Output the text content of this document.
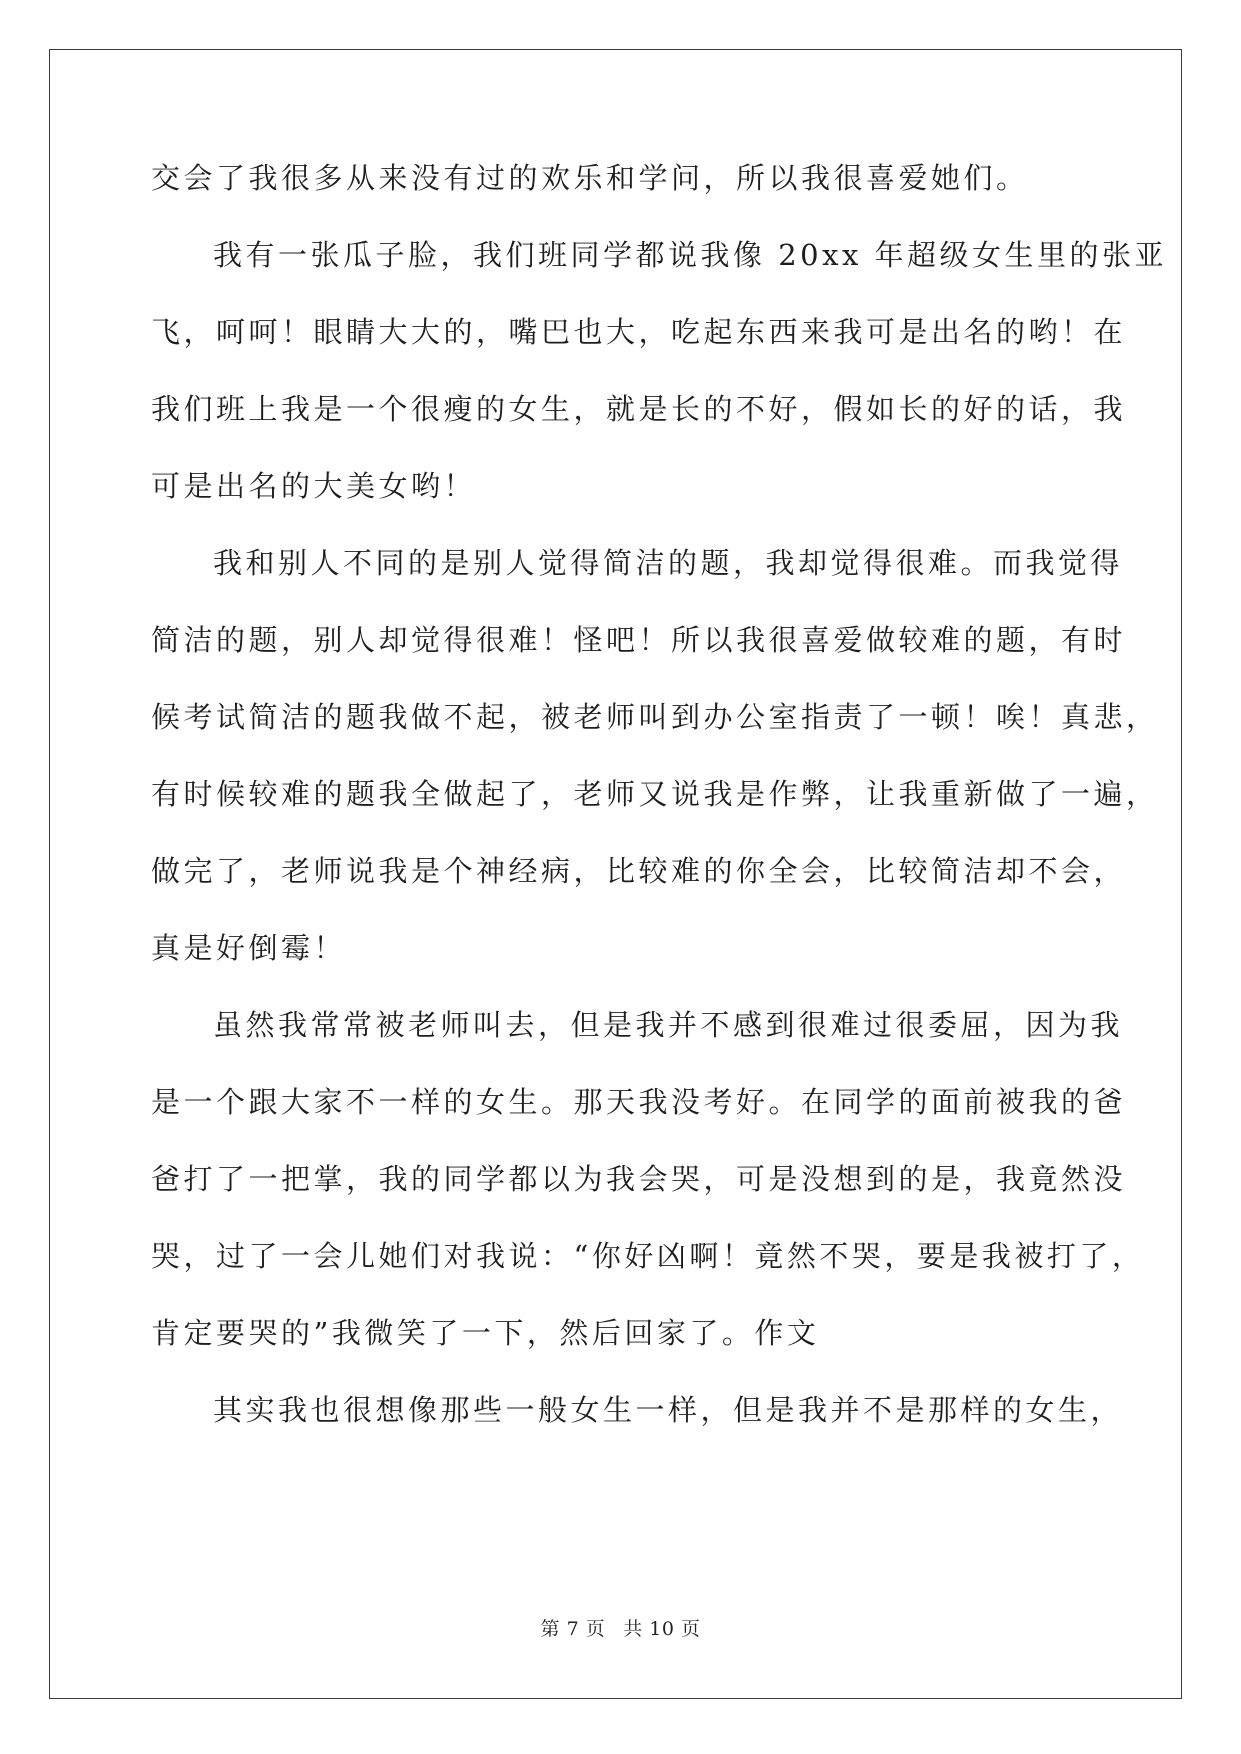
交会了我很多从来没有过的欢乐和学问，所以我很喜爱她们。
我有一张瓜子脸，我们班同学都说我像 20xx 年超级女生里的张亚
飞，呵呵！眼睛大大的，嘴巴也大，吃起东西来我可是出名的哟！在
我们班上我是一个很瘦的女生，就是长的不好，假如长的好的话，我
可是出名的大美女哟！
我和别人不同的是别人觉得简洁的题，我却觉得很难。而我觉得
简洁的题，别人却觉得很难！怪吧！所以我很喜爱做较难的题，有时
候考试简洁的题我做不起，被老师叫到办公室指责了一顿！唉！真悲，
有时候较难的题我全做起了，老师又说我是作弊，让我重新做了一遍，
做完了，老师说我是个神经病，比较难的你全会，比较简洁却不会，
真是好倒霉！
虽然我常常被老师叫去，但是我并不感到很难过很委屈，因为我
是一个跟大家不一样的女生。那天我没考好。在同学的面前被我的爸
爸打了一把掌，我的同学都以为我会哭，可是没想到的是，我竟然没
哭，过了一会儿她们对我说：“你好凶啊！竟然不哭，要是我被打了，
肯定要哭的”我微笑了一下，然后回家了。作文
其实我也很想像那些一般女生一样，但是我并不是那样的女生，
第 7 页 共 10 页
